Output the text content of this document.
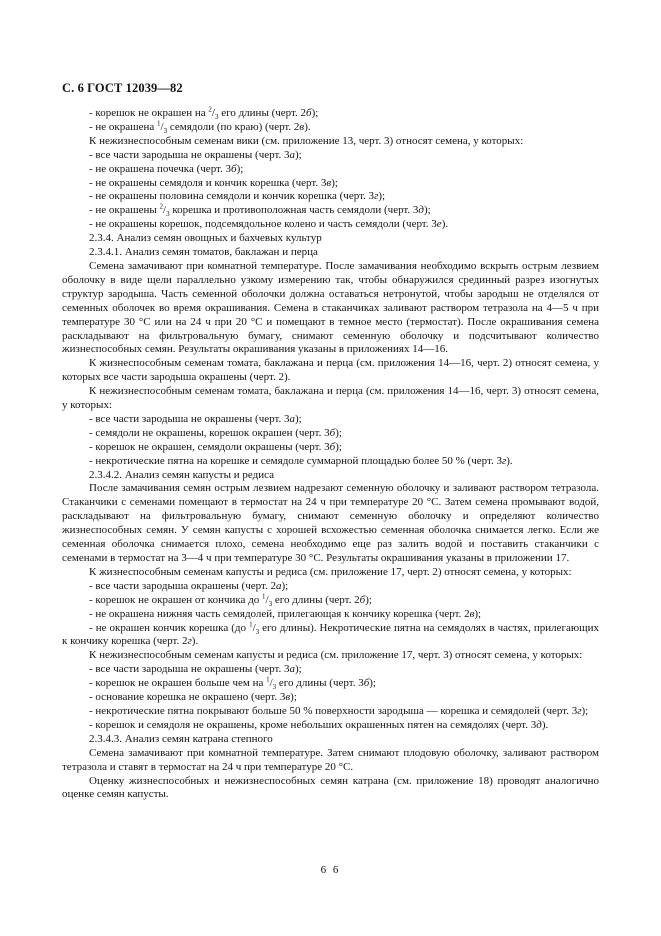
С. 6 ГОСТ 12039—82

- корешок не окрашен на $^2/_3$ его длины (черт. 2б);

- не окрашена $^1/_3$ семядоли (по краю) (черт. 2в).

К нежизнеспособным семенам вики (см. приложение 13, черт. 3) относят семена, у которых:

- все части зародыша не окрашены (черт. 3а);

- не окрашена почечка (черт. 3б);

- не окрашены семядоля и кончик корешка (черт. 3в);

- не окрашены половина семядоли и кончик корешка (черт. 3г);

- не окрашены $^2/_3$ корешка и противоположная часть семядоли (черт. 3д);

- не окрашены корешок, подсемядольное колено и часть семядоли (черт. 3е).

2.3.4. Анализ семян овощных и бахчевых культур

2.3.4.1. Анализ семян томатов, баклажан и перца

Семена замачивают при комнатной температуре. После замачивания необходимо вскрыть острым лезвием оболочку в виде щели параллельно узкому измерению так, чтобы обнаружился срединный разрез изогнутых структур зародыша. Часть семенной оболочки должна оставаться нетронутой, чтобы зародыш не отделялся от семенных оболочек во время окрашивания. Семена в стаканчиках заливают раствором тетразола на 4—5 ч при температуре 30 °С или на 24 ч при 20 °С и помещают в темное место (термостат). После окрашивания семена раскладывают на фильтровальную бумагу, снимают семенную оболочку и подсчитывают количество жизнеспособных семян. Результаты окрашивания указаны в приложениях 14—16.

К жизнеспособным семенам томата, баклажана и перца (см. приложения 14—16, черт. 2) относят семена, у которых все части зародыша окрашены (черт. 2).

К нежизнеспособным семенам томата, баклажана и перца (см. приложения 14—16, черт. 3) относят семена, у которых:

- все части зародыша не окрашены (черт. 3а);

- семядоли не окрашены, корешок окрашен (черт. 3б);

- корешок не окрашен, семядоли окрашены (черт. 3б);

- некротические пятна на корешке и семядоле суммарной площадью более 50 % (черт. 3г).

2.3.4.2. Анализ семян капусты и редиса

После замачивания семян острым лезвием надрезают семенную оболочку и заливают раствором тетразола. Стаканчики с семенами помещают в термостат на 24 ч при температуре 20 °С. Затем семена промывают водой, раскладывают на фильтровальную бумагу, снимают семенную оболочку и определяют количество жизнеспособных семян. У семян капусты с хорошей всхожестью семенная оболочка снимается легко. Если же семенная оболочка снимается плохо, семена необходимо еще раз залить водой и поставить стаканчики с семенами в термостат на 3—4 ч при температуре 30 °С. Результаты окрашивания указаны в приложении 17.

К жизнеспособным семенам капусты и редиса (см. приложение 17, черт. 2) относят семена, у которых:

- все части зародыша окрашены (черт. 2а);

- корешок не окрашен от кончика до $^1/_3$ его длины (черт. 2б);

- не окрашена нижняя часть семядолей, прилегающая к кончику корешка (черт. 2в);

- не окрашен кончик корешка (до $^1/_3$ его длины). Некротические пятна на семядолях в частях, прилегающих к кончику корешка (черт. 2г).

К нежизнеспособным семенам капусты и редиса (см. приложение 17, черт. 3) относят семена, у которых:

- все части зародыша не окрашены (черт. 3а);

- корешок не окрашен больше чем на $^1/_3$ его длины (черт. 3б);

- основание корешка не окрашено (черт. 3в);

- некротические пятна покрывают больше 50 % поверхности зародыша — корешка и семядолей (черт. 3г);

- корешок и семядоля не окрашены, кроме небольших окрашенных пятен на семядолях (черт. 3д).

2.3.4.3. Анализ семян катрана степного

Семена замачивают при комнатной температуре. Затем снимают плодовую оболочку, заливают раствором тетразола и ставят в термостат на 24 ч при температуре 20 °С.

Оценку жизнеспособных и нежизнеспособных семян катрана (см. приложение 18) проводят аналогично оценке семян капусты.

6 6
